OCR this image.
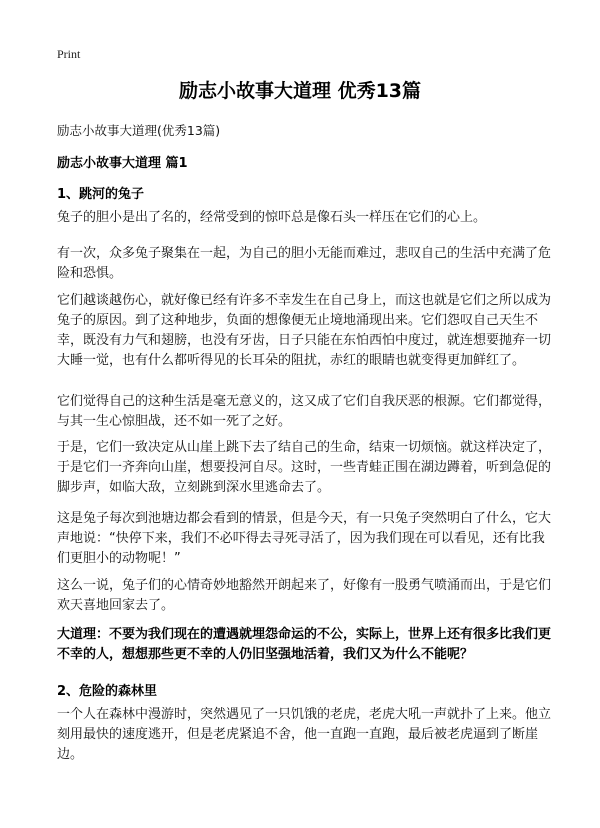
Print
励志小故事大道理 优秀13篇
励志小故事大道理(优秀13篇)
励志小故事大道理 篇1
1、跳河的兔子

兔子的胆小是出了名的，经常受到的惊吓总是像石头一样压在它们的心上。

有一次，众多兔子聚集在一起，为自己的胆小无能而难过，悲叹自己的生活中充满了危险和恐惧。

它们越谈越伤心，就好像已经有许多不幸发生在自己身上，而这也就是它们之所以成为兔子的原因。到了这种地步，负面的想像便无止境地涌现出来。它们怨叹自己天生不幸，既没有力气和翅膀，也没有牙齿，日子只能在东怕西怕中度过，就连想要抛弃一切大睡一觉，也有什么都听得见的长耳朵的阻扰，赤红的眼睛也就变得更加鲜红了。

它们觉得自己的这种生活是毫无意义的，这又成了它们自我厌恶的根源。它们都觉得，与其一生心惊胆战，还不如一死了之好。

于是，它们一致决定从山崖上跳下去了结自己的生命，结束一切烦恼。就这样决定了，于是它们一齐奔向山崖，想要投河自尽。这时，一些青蛙正围在湖边蹲着，听到急促的脚步声，如临大敌，立刻跳到深水里逃命去了。

这是兔子每次到池塘边都会看到的情景，但是今天，有一只兔子突然明白了什么，它大声地说：“快停下来，我们不必吓得去寻死寻活了，因为我们现在可以看见，还有比我们更胆小的动物呢！”

这么一说，兔子们的心情奇妙地豁然开朗起来了，好像有一股勇气喷涌而出，于是它们欢天喜地回家去了。

大道理：不要为我们现在的遭遇就埋怨命运的不公，实际上，世界上还有很多比我们更不幸的人，想想那些更不幸的人仍旧坚强地活着，我们又为什么不能呢？

2、危险的森林里

一个人在森林中漫游时，突然遇见了一只饥饿的老虎，老虎大吼一声就扑了上来。他立刻用最快的速度逃开，但是老虎紧追不舍，他一直跑一直跑，最后被老虎逼到了断崖边。
